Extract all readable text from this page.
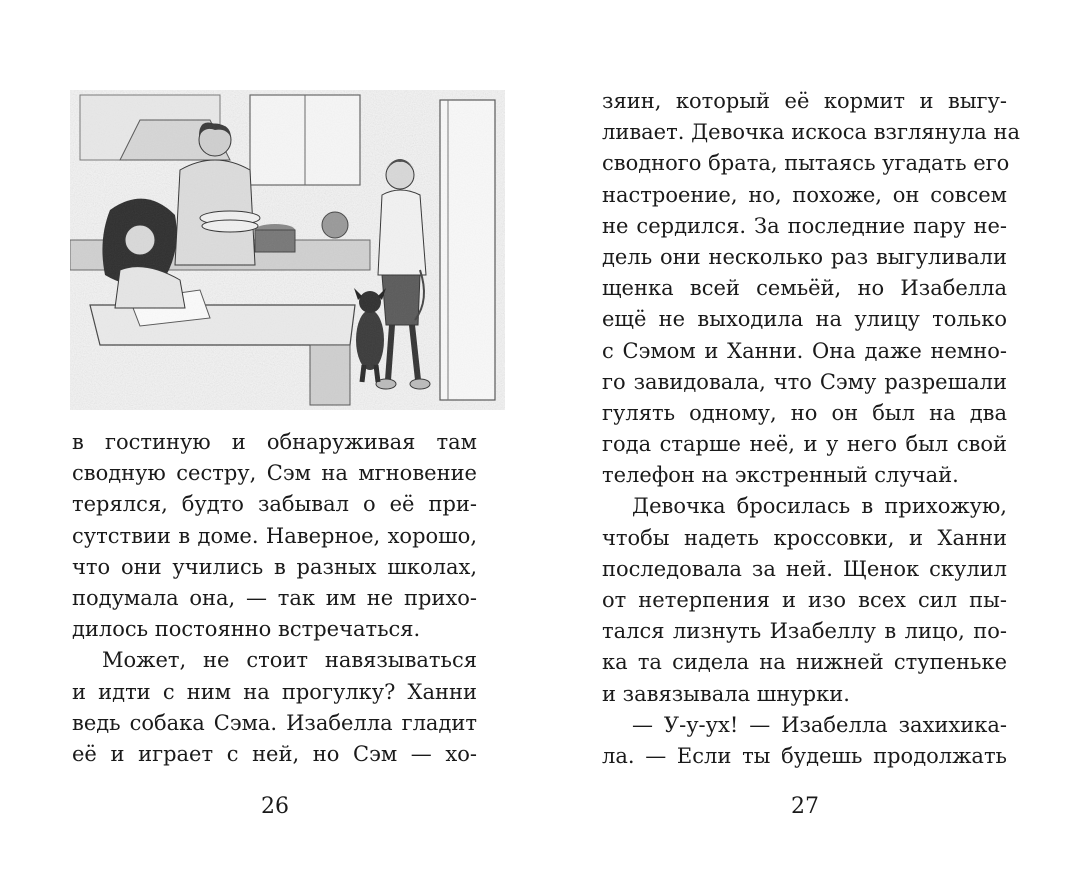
в гостиную и обнаруживая там
сводную сестру, Сэм на мгновение
терялся, будто забывал о её при-
сутствии в доме. Наверное, хорошо,
что они учились в разных школах,
подумала она, — так им не прихо-
дилось постоянно встречаться.
Может, не стоит навязываться
и идти с ним на прогулку? Ханни
ведь собака Сэма. Изабелла гладит
её и играет с ней, но Сэм — хо-
26
зяин, который её кормит и выгу-
ливает. Девочка искоса взглянула на
сводного брата, пытаясь угадать его
настроение, но, похоже, он совсем
не сердился. За последние пару не-
дель они несколько раз выгуливали
щенка всей семьёй, но Изабелла
ещё не выходила на улицу только
с Сэмом и Ханни. Она даже немно-
го завидовала, что Сэму разрешали
гулять одному, но он был на два
года старше неё, и у него был свой
телефон на экстренный случай.
Девочка бросилась в прихожую,
чтобы надеть кроссовки, и Ханни
последовала за ней. Щенок скулил
от нетерпения и изо всех сил пы-
тался лизнуть Изабеллу в лицо, по-
ка та сидела на нижней ступеньке
и завязывала шнурки.
— У-у-ух! — Изабелла захихика-
ла. — Если ты будешь продолжать
27
